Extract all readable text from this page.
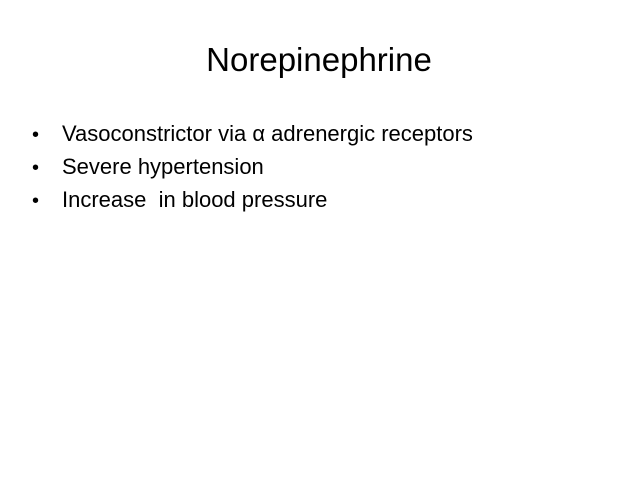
Norepinephrine
•	Vasoconstrictor via α adrenergic receptors
•	Severe hypertension
•	Increase  in blood pressure
